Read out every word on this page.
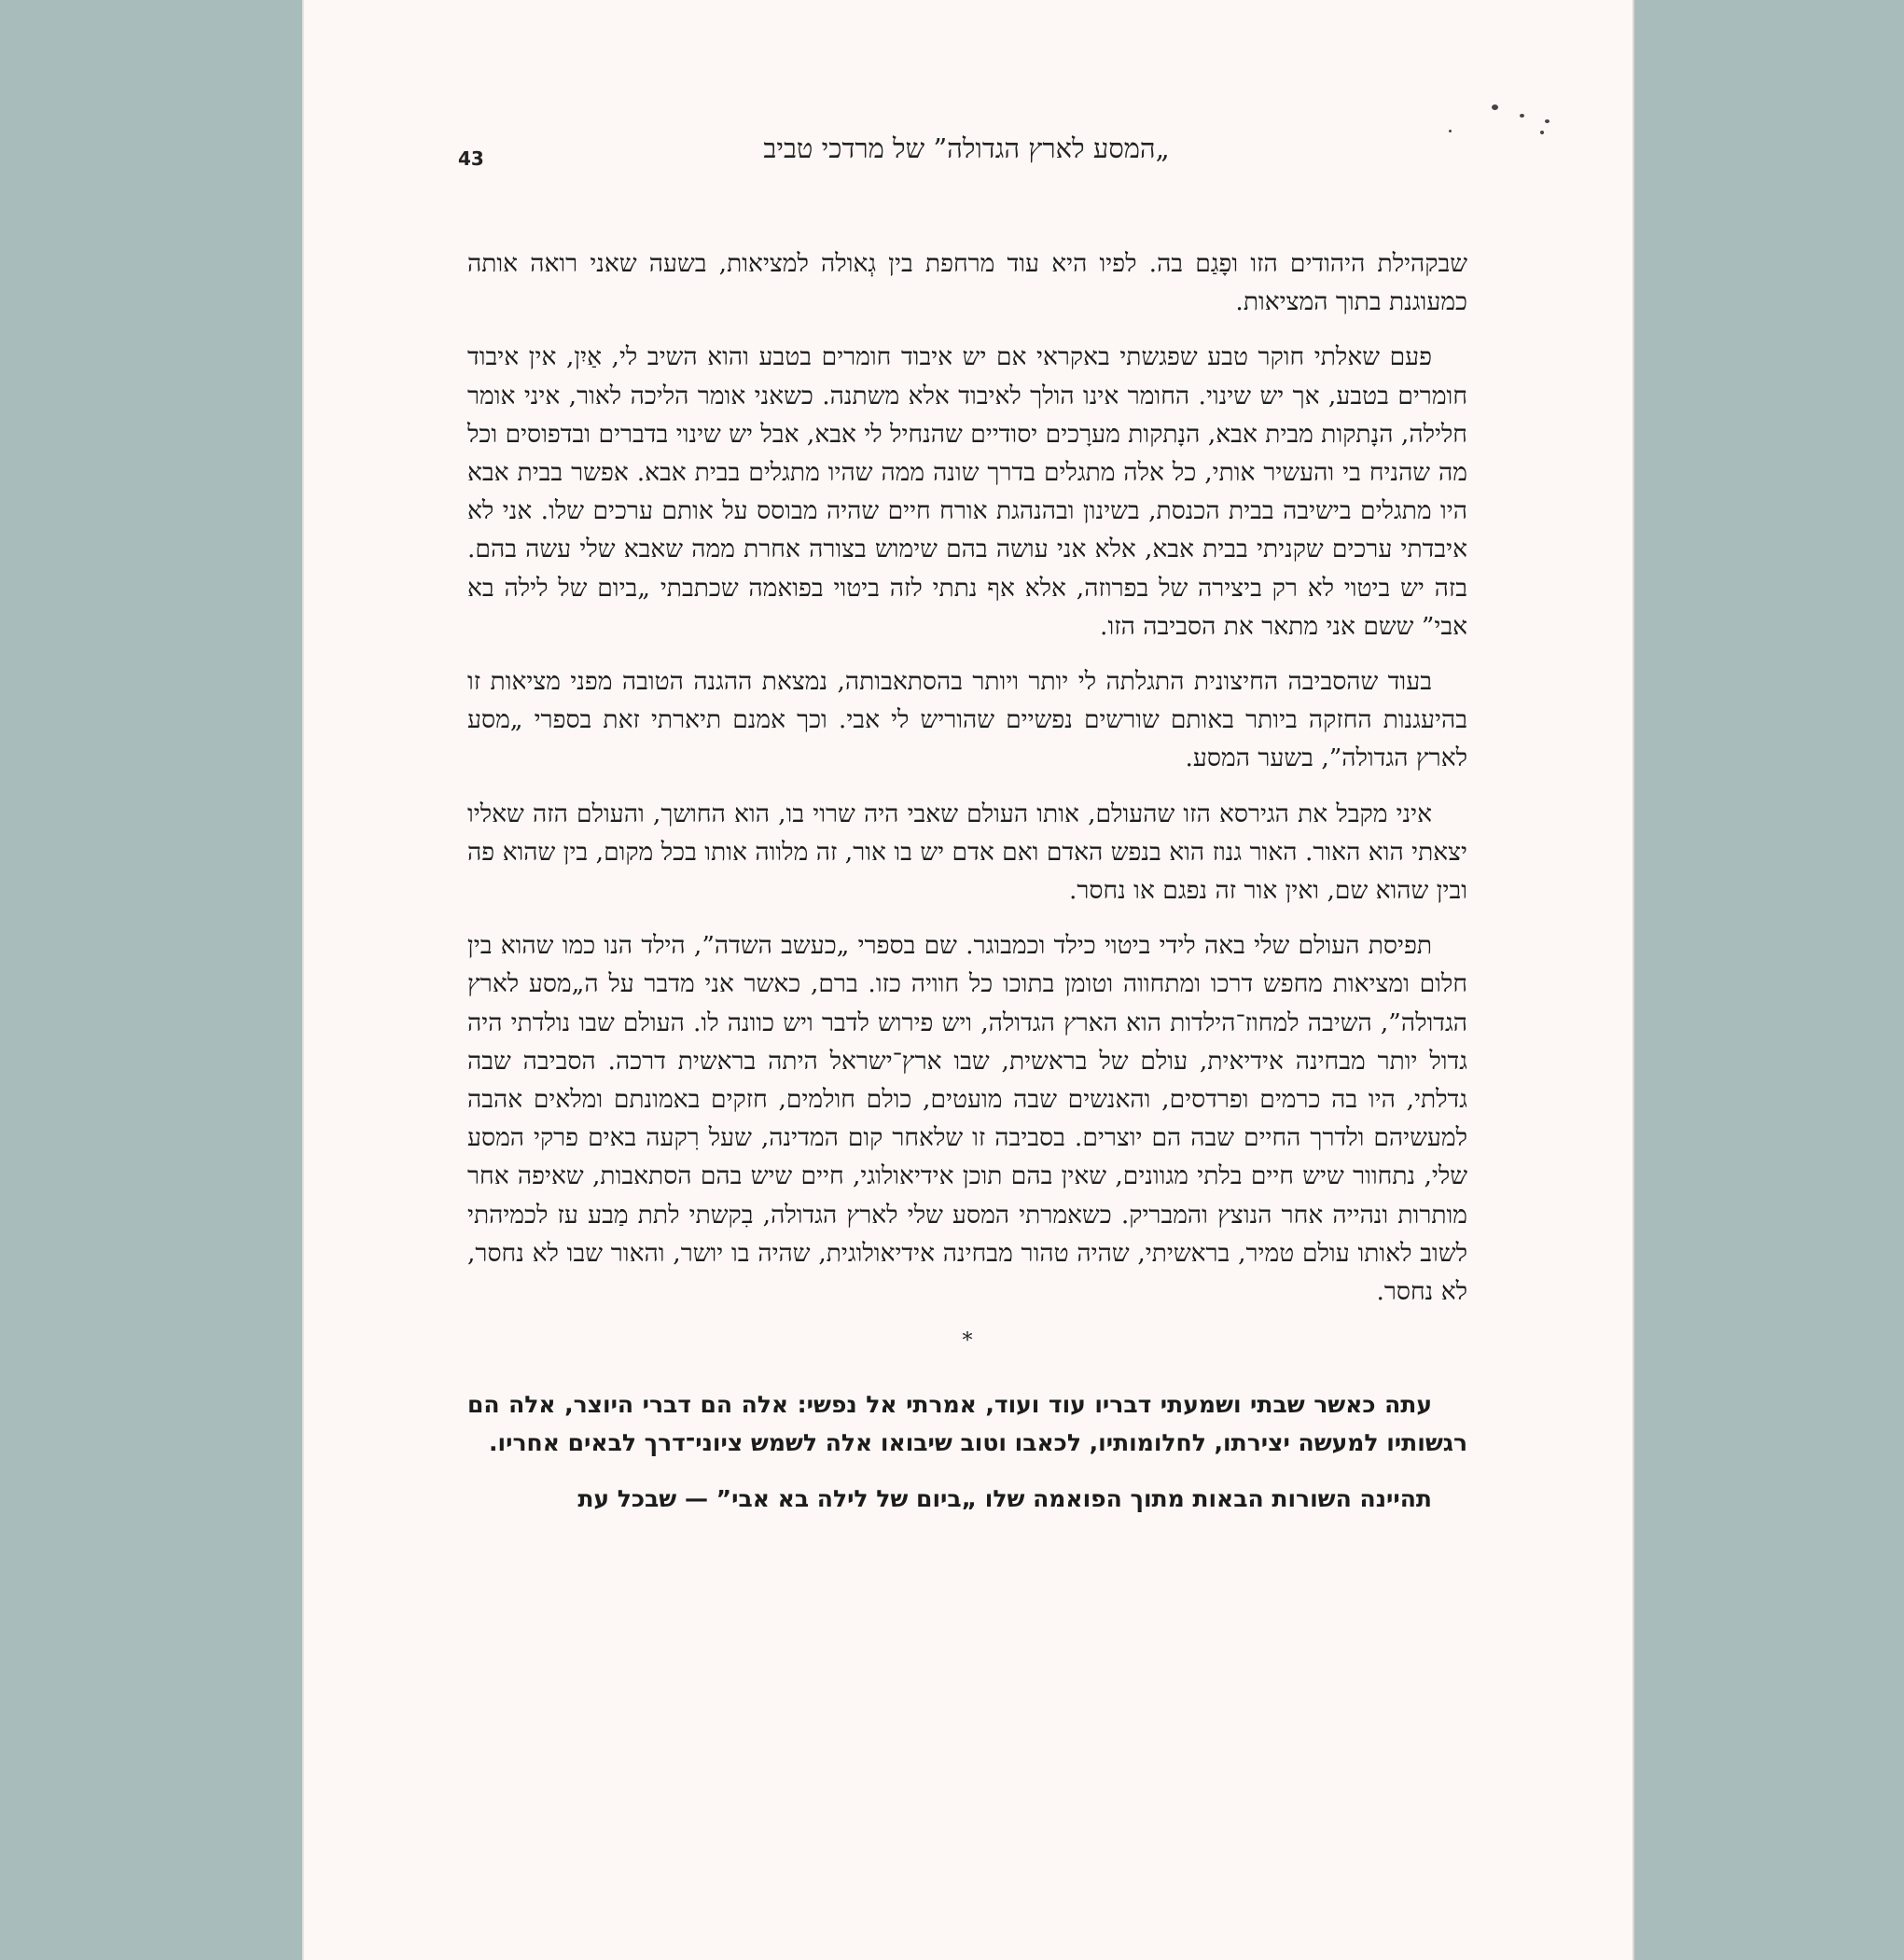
43	„המסע לארץ הגדולה” של מרדכי טביב

שבקהילת היהודים הזו ופָגַם בה. לפיו היא עוד מרחפת בין גְאולה למציאות, בשעה שאני רואה אותה כמעוגנת בתוך המציאות.

פעם שאלתי חוקר טבע שפגשתי באקראי אם יש איבוד חומרים בטבע והוא השיב לי, אַיִן, אין איבוד חומרים בטבע, אך יש שינוי. החומר אינו הולך לאיבוד אלא משתנה. כשאני אומר הליכה לאור, איני אומר חלילה, הנָתקות מבית אבא, הנָתקות מערָכים יסודיים שהנחיל לי אבא, אבל יש שינוי בדברים ובדפוסים וכל מה שהניח בי והעשיר אותי, כל אלה מתגלים בדרך שונה ממה שהיו מתגלים בבית אבא. אפשר בבית אבא היו מתגלים בישיבה בבית הכנסת, בשינון ובהנהגת אורח חיים שהיה מבוסס על אותם ערכים שלו. אני לא איבדתי ערכים שקניתי בבית אבא, אלא אני עושה בהם שימוש בצורה אחרת ממה שאבא שלי עשה בהם. בזה יש ביטוי לא רק ביצירה של בפרוזה, אלא אף נתתי לזה ביטוי בפואמה שכתבתי „ביום של לילה בא אבי” ששם אני מתאר את הסביבה הזו.

בעוד שהסביבה החיצונית התגלתה לי יותר ויותר בהסתאבותה, נמצאת ההגנה הטובה מפני מציאות זו בהיעגנות החזקה ביותר באותם שורשים נפשיים שהוריש לי אבי. וכך אמנם תיארתי זאת בספרי „מסע לארץ הגדולה”, בשער המסע.

איני מקבל את הגירסא הזו שהעולם, אותו העולם שאבי היה שרוי בו, הוא החושך, והעולם הזה שאליו יצאתי הוא האור. האור גנוז הוא בנפש האדם ואם אדם יש בו אור, זה מלווה אותו בכל מקום, בין שהוא פה ובין שהוא שם, ואין אור זה נפגם או נחסר.

תפיסת העולם שלי באה לידי ביטוי כילד וכמבוגר. שם בספרי „כעשב השדה”, הילד הנו כמו שהוא בין חלום ומציאות מחפש דרכו ומתחווה וטומן בתוכו כל חוויה כזו. ברם, כאשר אני מדבר על ה„מסע לארץ הגדולה”, השיבה למחוז־הילדות הוא הארץ הגדולה, ויש פירוש לדבר ויש כוונה לו. העולם שבו נולדתי היה גדול יותר מבחינה אידיאית, עולם של בראשית, שבו ארץ־ישראל היתה בראשית דרכה. הסביבה שבה גדלתי, היו בה כרמים ופרדסים, והאנשים שבה מועטים, כולם חולמים, חזקים באמונתם ומלאים אהבה למעשיהם ולדרך החיים שבה הם יוצרים. בסביבה זו שלאחר קום המדינה, שעל רִקעה באים פרקי המסע שלי, נתחוור שיש חיים בלתי מגוונים, שאין בהם תוכן אידיאולוגי, חיים שיש בהם הסתאבות, שאיפה אחר מותרות ונהייה אחר הנוצץ והמבריק. כשאמרתי המסע שלי לארץ הגדולה, בִקשתי לתת מַבע עז לכמיהתי לשוב לאותו עולם טמיר, בראשיתי, שהיה טהור מבחינה אידיאולוגית, שהיה בו יושר, והאור שבו לא נחסר, לא נחסר.

*

עתה כאשר שבתי ושמעתי דבריו עוד ועוד, אמרתי אל נפשי: אלה הם דברי היוצר, אלה הם רגשותיו למעשה יצירתו, לחלומותיו, לכאבו וטוב שיבואו אלה לשמש ציוני־דרך לבאים אחריו.

תהיינה השורות הבאות מתוך הפואמה שלו „ביום של לילה בא אבי” — שבכל עת
